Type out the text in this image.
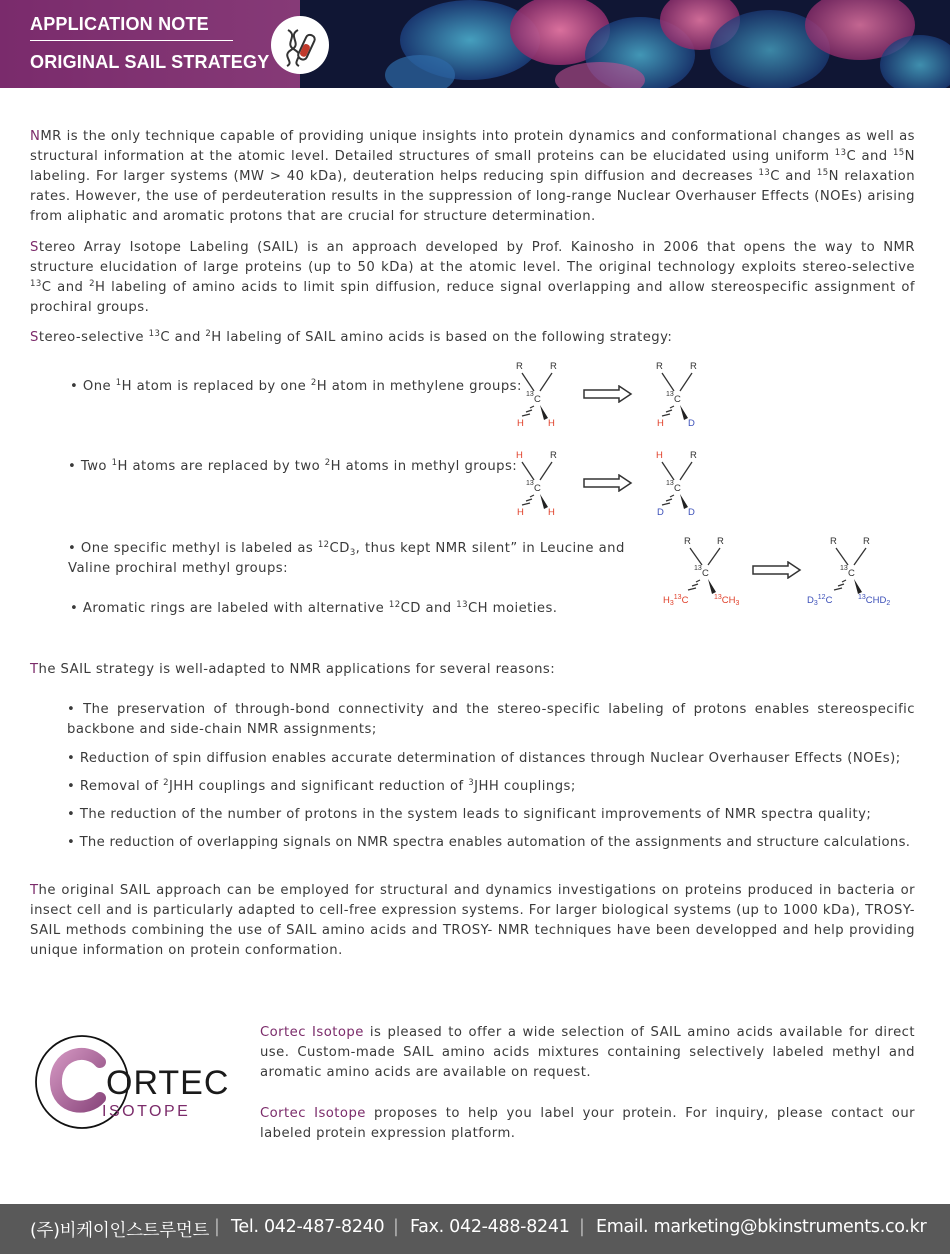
APPLICATION NOTE
ORIGINAL SAIL STRATEGY
NMR is the only technique capable of providing unique insights into protein dynamics and conformational changes as well as structural information at the atomic level. Detailed structures of small proteins can be elucidated using uniform $^{13}$C and $^{15}$N labeling. For larger systems (MW > 40 kDa), deuteration helps reducing spin diffusion and decreases $^{13}$C and $^{15}$N relaxation rates. However, the use of perdeuteration results in the suppression of long-range Nuclear Overhauser Effects (NOEs) arising from aliphatic and aromatic protons that are crucial for structure determination.
Stereo Array Isotope Labeling (SAIL) is an approach developed by Prof. Kainosho in 2006 that opens the way to NMR structure elucidation of large proteins (up to 50 kDa) at the atomic level. The original technology exploits stereo-selective $^{13}$C and $^2$H labeling of amino acids to limit spin diffusion, reduce signal overlapping and allow stereospecific assignment of prochiral groups.
Stereo-selective $^{13}$C and $^2$H labeling of SAIL amino acids is based on the following strategy:
• One $^1$H atom is replaced by one $^2$H atom in methylene groups:
• Two $^1$H atoms are replaced by two $^2$H atoms in methyl groups:
• One specific methyl is labeled as $^{12}CD_3$, thus kept NMR silent” in Leucine and Valine prochiral methyl groups:
• Aromatic rings are labeled with alternative $^{12}$CD and $^{13}$CH moieties.
R	R
13 C
H	H
R	R
13 C
H	D
H	R
13 C
H	H
H	R
13 C
D	D
R	R
13 C
$H_3^{13}C$	$^{13}CH_3$
R	R
13 C
$D_3^{12}C$	$^{13}CHD_2$
The SAIL strategy is well-adapted to NMR applications for several reasons:
• The preservation of through-bond connectivity and the stereo-specific labeling of protons enables stereospecific backbone and side-chain NMR assignments;
• Reduction of spin diffusion enables accurate determination of distances through Nuclear Overhauser Effects (NOEs);
• Removal of $^2$JHH couplings and significant reduction of $^3$JHH couplings;
• The reduction of the number of protons in the system leads to significant improvements of NMR spectra quality;
• The reduction of overlapping signals on NMR spectra enables automation of the assignments and structure calculations.
The original SAIL approach can be employed for structural and dynamics investigations on proteins produced in bacteria or insect cell and is particularly adapted to cell-free expression systems. For larger biological systems (up to 1000 kDa), TROSY-SAIL methods combining the use of SAIL amino acids and TROSY- NMR techniques have been developped and help providing unique information on protein conformation.
ORTEC
ISOTOPE
Cortec Isotope is pleased to offer a wide selection of SAIL amino acids available for direct use. Custom-made SAIL amino acids mixtures containing selectively labeled methyl and aromatic amino acids are available on request.
Cortec Isotope proposes to help you label your protein. For inquiry, please contact our labeled protein expression platform.
(주)비케이인스트루먼트 | Tel. 042-487-8240 | Fax. 042-488-8241 | Email. marketing@bkinstruments.co.kr
